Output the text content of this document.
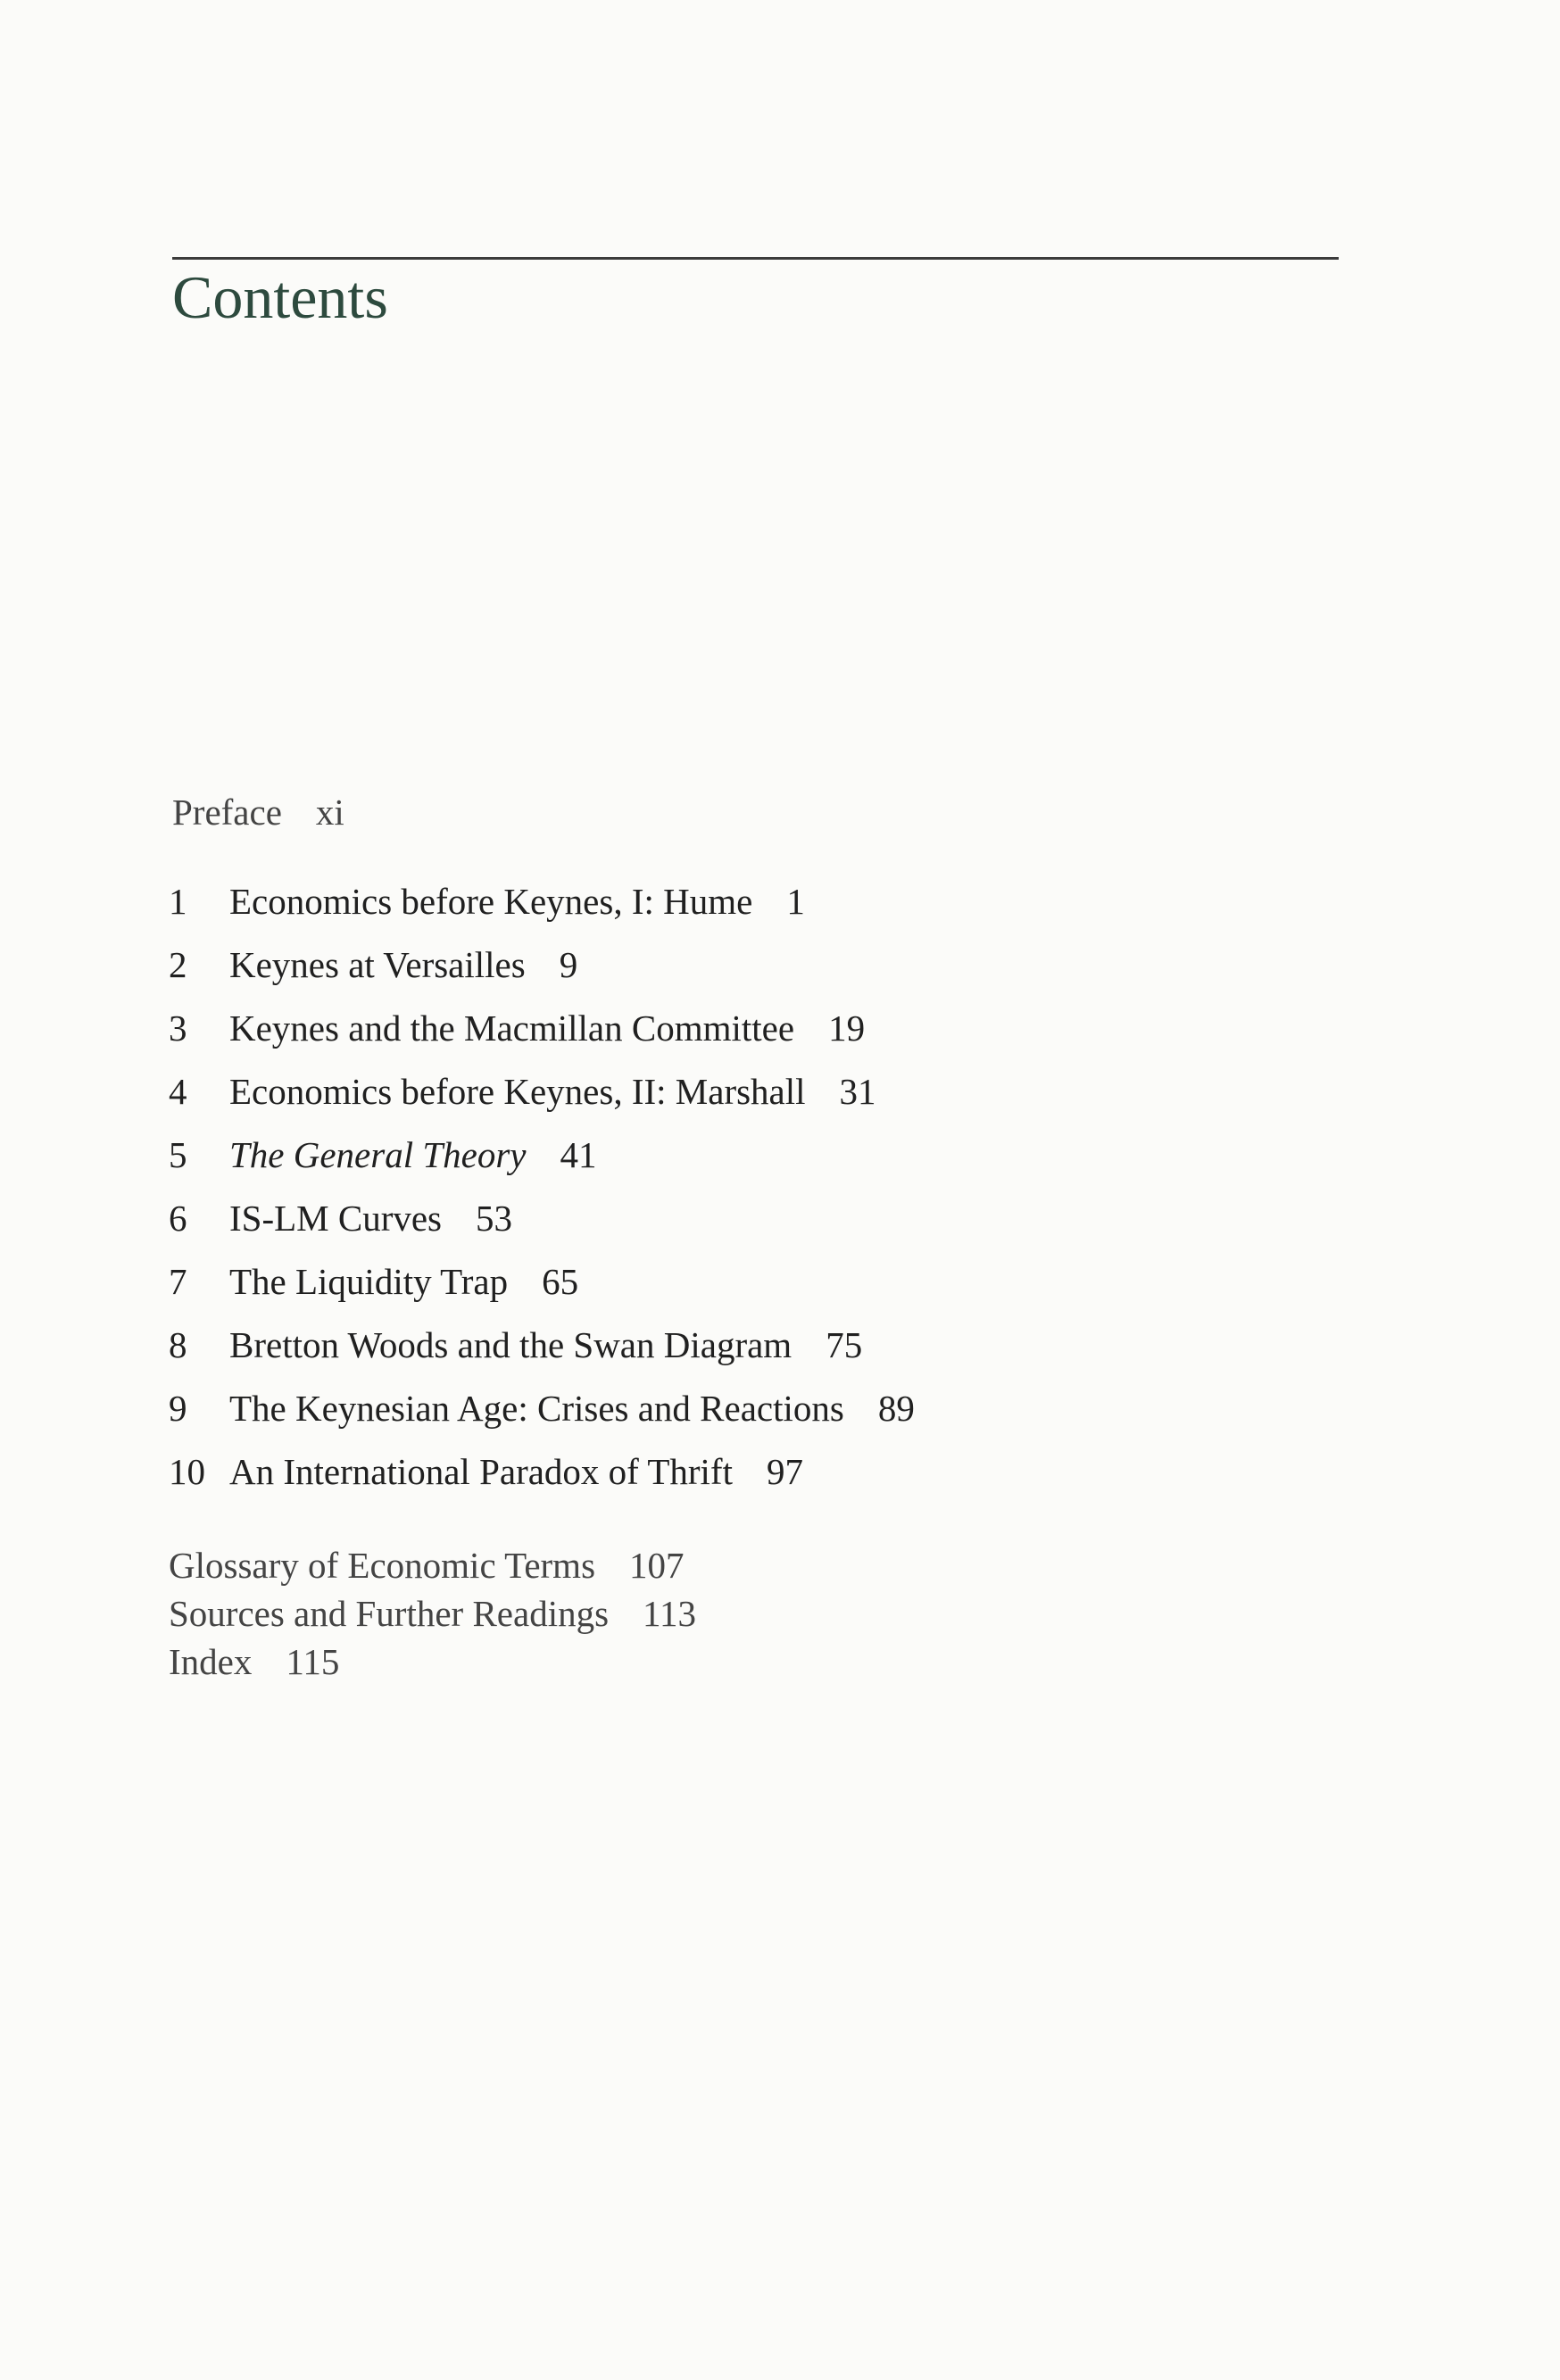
Contents
Preface xi
1	Economics before Keynes, I: Hume 1
2	Keynes at Versailles 9
3	Keynes and the Macmillan Committee 19
4	Economics before Keynes, II: Marshall 31
5	The General Theory 41
6	IS-LM Curves 53
7	The Liquidity Trap 65
8	Bretton Woods and the Swan Diagram 75
9	The Keynesian Age: Crises and Reactions 89
10 An International Paradox of Thrift 97
Glossary of Economic Terms 107
Sources and Further Readings 113
Index 115
